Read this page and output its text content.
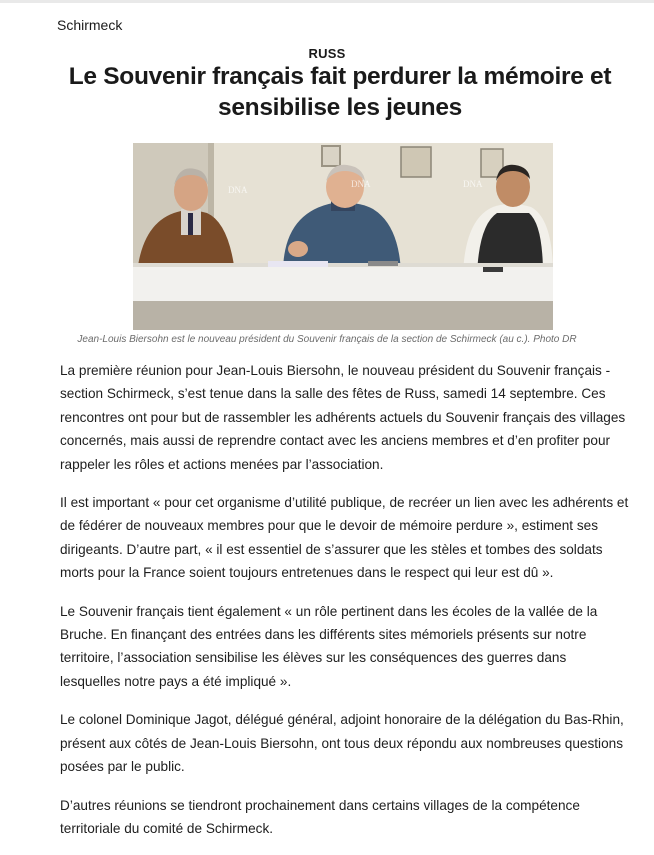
Schirmeck
RUSS
Le Souvenir français fait perdurer la mémoire et sensibilise les jeunes
DNA
DNA	DNA
Jean-Louis Biersohn est le nouveau président du Souvenir français de la section de Schirmeck (au c.). Photo DR

La première réunion pour Jean-Louis Biersohn, le nouveau président du Souvenir français - section Schirmeck, s’est tenue dans la salle des fêtes de Russ, samedi 14 septembre. Ces rencontres ont pour but de rassembler les adhérents actuels du Souvenir français des villages concernés, mais aussi de reprendre contact avec les anciens membres et d’en profiter pour rappeler les rôles et actions menées par l’association.

Il est important « pour cet organisme d’utilité publique, de recréer un lien avec les adhérents et de fédérer de nouveaux membres pour que le devoir de mémoire perdure », estiment ses dirigeants. D’autre part, « il est essentiel de s’assurer que les stèles et tombes des soldats morts pour la France soient toujours entretenues dans le respect qui leur est dû ».

Le Souvenir français tient également « un rôle pertinent dans les écoles de la vallée de la Bruche. En finançant des entrées dans les différents sites mémoriels présents sur notre territoire, l’association sensibilise les élèves sur les conséquences des guerres dans lesquelles notre pays a été impliqué ».

Le colonel Dominique Jagot, délégué général, adjoint honoraire de la délégation du Bas-Rhin, présent aux côtés de Jean-Louis Biersohn, ont tous deux répondu aux nombreuses questions posées par le public.

D’autres réunions se tiendront prochainement dans certains villages de la compétence territoriale du comité de Schirmeck.
